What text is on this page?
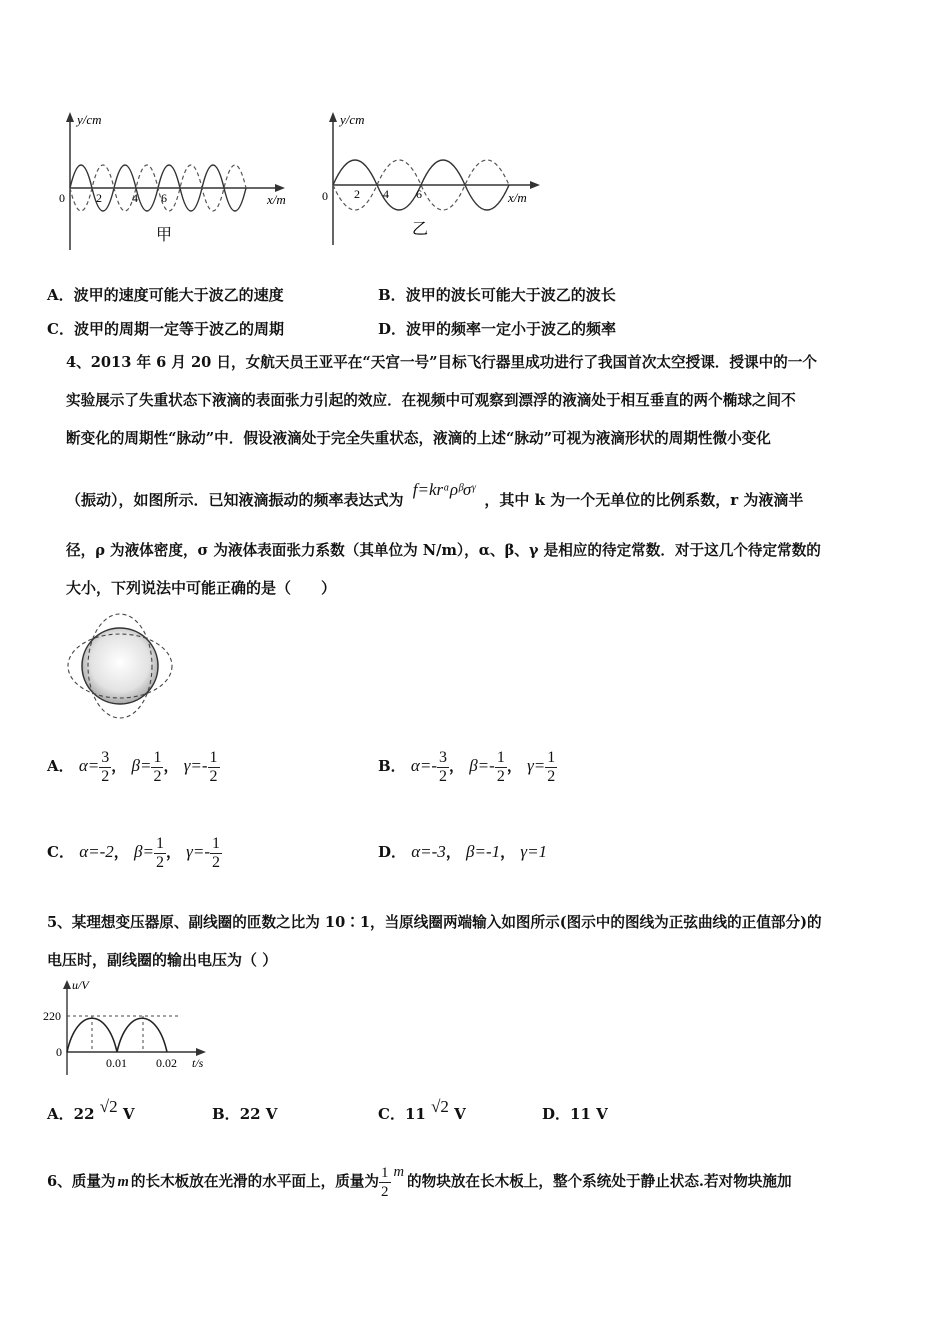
y/cm
x/m
0	2	4 6
甲
y/cm
x/m
0 2 4 6
乙
A．波甲的速度可能大于波乙的速度	B．波甲的波长可能大于波乙的波长
C．波甲的周期一定等于波乙的周期	D．波甲的频率一定小于波乙的频率
4、2013 年 6 月 20 日，女航天员王亚平在“天宫一号”目标飞行器里成功进行了我国首次太空授课．授课中的一个
实验展示了失重状态下液滴的表面张力引起的效应．在视频中可观察到漂浮的液滴处于相互垂直的两个椭球之间不
断变化的周期性“脉动”中．假设液滴处于完全失重状态，液滴的上述“脉动”可视为液滴形状的周期性微小变化
（振动），如图所示．已知液滴振动的频率表达式为 f=krᵅρᵝσᵞ ，其中 k 为一个无单位的比例系数，r 为液滴半
径，ρ 为液体密度，σ 为液体表面张力系数（其单位为 N/m），α、β、γ 是相应的待定常数．对于这几个待定常数的
大小，下列说法中可能正确的是（　　）
A． $\alpha= \frac{3}{2}$ ， $\beta= \frac{1}{2}$ ， $\gamma=- \frac{1}{2}$	B． $\alpha=- \frac{3}{2}$ ， $\beta=- \frac{1}{2}$ ， $\gamma= \frac{1}{2}$
C． α=-2， $\beta= \frac{1}{2}$ ， $\gamma=- \frac{1}{2}$	D． α=-3， β=-1， γ=1
5、某理想变压器原、副线圈的匝数之比为 10∶1，当原线圈两端输入如图所示(图示中的图线为正弦曲线的正值部分)的
电压时，副线圈的输出电压为（ ）
u/V
t/s
220
0
0.01 0.02
A．22 √2 V	B．22 V	C．11 √2 V	D．11 V
6、质量为 m 的长木板放在光滑的水平面上，质量为 $\frac{1}{2}$ m的物块放在长木板上，整个系统处于静止状态.若对物块施加
